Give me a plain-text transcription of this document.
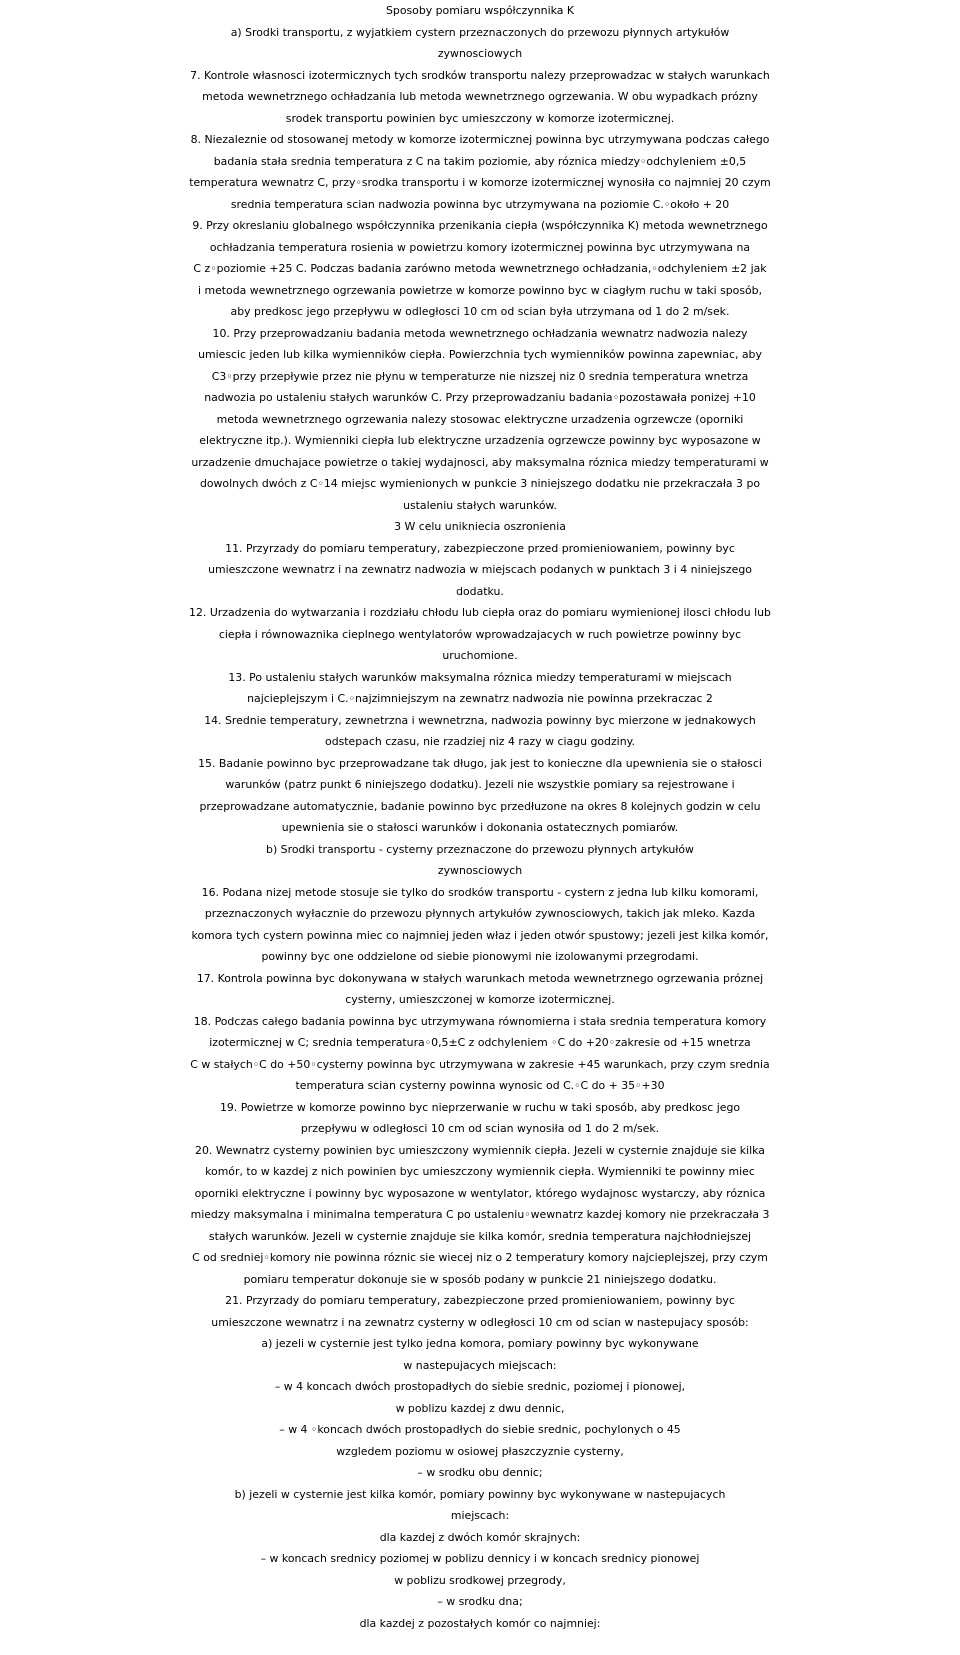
Sposoby pomiaru współczynnika K
a) Srodki transportu, z wyjatkiem cystern przeznaczonych do przewozu płynnych artykułów
zywnosciowych
7. Kontrole własnosci izotermicznych tych srodków transportu nalezy przeprowadzac w stałych warunkach
metoda wewnetrznego ochładzania lub metoda wewnetrznego ogrzewania. W obu wypadkach prózny
srodek transportu powinien byc umieszczony w komorze izotermicznej.
8. Niezaleznie od stosowanej metody w komorze izotermicznej powinna byc utrzymywana podczas całego
badania stała srednia temperatura z C na takim poziomie, aby róznica miedzy◦odchyleniem ±0,5
temperatura wewnatrz C, przy◦srodka transportu i w komorze izotermicznej wynosiła co najmniej 20 czym
srednia temperatura scian nadwozia powinna byc utrzymywana na poziomie C.◦około + 20
9. Przy okreslaniu globalnego współczynnika przenikania ciepła (współczynnika K) metoda wewnetrznego
ochładzania temperatura rosienia w powietrzu komory izotermicznej powinna byc utrzymywana na
C z◦poziomie +25 C. Podczas badania zarówno metoda wewnetrznego ochładzania,◦odchyleniem ±2 jak
i metoda wewnetrznego ogrzewania powietrze w komorze powinno byc w ciagłym ruchu w taki sposób,
aby predkosc jego przepływu w odległosci 10 cm od scian była utrzymana od 1 do 2 m/sek.
10. Przy przeprowadzaniu badania metoda wewnetrznego ochładzania wewnatrz nadwozia nalezy
umiescic jeden lub kilka wymienników ciepła. Powierzchnia tych wymienników powinna zapewniac, aby
C3◦przy przepływie przez nie płynu w temperaturze nie nizszej niz 0 srednia temperatura wnetrza
nadwozia po ustaleniu stałych warunków C. Przy przeprowadzaniu badania◦pozostawała ponizej +10
metoda wewnetrznego ogrzewania nalezy stosowac elektryczne urzadzenia ogrzewcze (oporniki
elektryczne itp.). Wymienniki ciepła lub elektryczne urzadzenia ogrzewcze powinny byc wyposazone w
urzadzenie dmuchajace powietrze o takiej wydajnosci, aby maksymalna róznica miedzy temperaturami w
dowolnych dwóch z C◦14 miejsc wymienionych w punkcie 3 niniejszego dodatku nie przekraczała 3 po
ustaleniu stałych warunków.
3 W celu unikniecia oszronienia
11. Przyrzady do pomiaru temperatury, zabezpieczone przed promieniowaniem, powinny byc
umieszczone wewnatrz i na zewnatrz nadwozia w miejscach podanych w punktach 3 i 4 niniejszego
dodatku.
12. Urzadzenia do wytwarzania i rozdziału chłodu lub ciepła oraz do pomiaru wymienionej ilosci chłodu lub
ciepła i równowaznika cieplnego wentylatorów wprowadzajacych w ruch powietrze powinny byc
uruchomione.
13. Po ustaleniu stałych warunków maksymalna róznica miedzy temperaturami w miejscach
najcieplejszym i C.◦najzimniejszym na zewnatrz nadwozia nie powinna przekraczac 2
14. Srednie temperatury, zewnetrzna i wewnetrzna, nadwozia powinny byc mierzone w jednakowych
odstepach czasu, nie rzadziej niz 4 razy w ciagu godziny.
15. Badanie powinno byc przeprowadzane tak długo, jak jest to konieczne dla upewnienia sie o stałosci
warunków (patrz punkt 6 niniejszego dodatku). Jezeli nie wszystkie pomiary sa rejestrowane i
przeprowadzane automatycznie, badanie powinno byc przedłuzone na okres 8 kolejnych godzin w celu
upewnienia sie o stałosci warunków i dokonania ostatecznych pomiarów.
b) Srodki transportu - cysterny przeznaczone do przewozu płynnych artykułów
zywnosciowych
16. Podana nizej metode stosuje sie tylko do srodków transportu - cystern z jedna lub kilku komorami,
przeznaczonych wyłacznie do przewozu płynnych artykułów zywnosciowych, takich jak mleko. Kazda
komora tych cystern powinna miec co najmniej jeden właz i jeden otwór spustowy; jezeli jest kilka komór,
powinny byc one oddzielone od siebie pionowymi nie izolowanymi przegrodami.
17. Kontrola powinna byc dokonywana w stałych warunkach metoda wewnetrznego ogrzewania próznej
cysterny, umieszczonej w komorze izotermicznej.
18. Podczas całego badania powinna byc utrzymywana równomierna i stała srednia temperatura komory
izotermicznej w C; srednia temperatura◦0,5±C z odchyleniem ◦C do +20◦zakresie od +15 wnetrza
C w stałych◦C do +50◦cysterny powinna byc utrzymywana w zakresie +45 warunkach, przy czym srednia
temperatura scian cysterny powinna wynosic od C.◦C do + 35◦+30
19. Powietrze w komorze powinno byc nieprzerwanie w ruchu w taki sposób, aby predkosc jego
przepływu w odległosci 10 cm od scian wynosiła od 1 do 2 m/sek.
20. Wewnatrz cysterny powinien byc umieszczony wymiennik ciepła. Jezeli w cysternie znajduje sie kilka
komór, to w kazdej z nich powinien byc umieszczony wymiennik ciepła. Wymienniki te powinny miec
oporniki elektryczne i powinny byc wyposazone w wentylator, którego wydajnosc wystarczy, aby róznica
miedzy maksymalna i minimalna temperatura C po ustaleniu◦wewnatrz kazdej komory nie przekraczała 3
stałych warunków. Jezeli w cysternie znajduje sie kilka komór, srednia temperatura najchłodniejszej
C od sredniej◦komory nie powinna róznic sie wiecej niz o 2 temperatury komory najcieplejszej, przy czym
pomiaru temperatur dokonuje sie w sposób podany w punkcie 21 niniejszego dodatku.
21. Przyrzady do pomiaru temperatury, zabezpieczone przed promieniowaniem, powinny byc
umieszczone wewnatrz i na zewnatrz cysterny w odległosci 10 cm od scian w nastepujacy sposób:
a) jezeli w cysternie jest tylko jedna komora, pomiary powinny byc wykonywane
w nastepujacych miejscach:
– w 4 koncach dwóch prostopadłych do siebie srednic, poziomej i pionowej,
w poblizu kazdej z dwu dennic,
– w 4 ◦koncach dwóch prostopadłych do siebie srednic, pochylonych o 45
wzgledem poziomu w osiowej płaszczyznie cysterny,
– w srodku obu dennic;
b) jezeli w cysternie jest kilka komór, pomiary powinny byc wykonywane w nastepujacych
miejscach:
dla kazdej z dwóch komór skrajnych:
– w koncach srednicy poziomej w poblizu dennicy i w koncach srednicy pionowej
w poblizu srodkowej przegrody,
– w srodku dna;
dla kazdej z pozostałych komór co najmniej:
